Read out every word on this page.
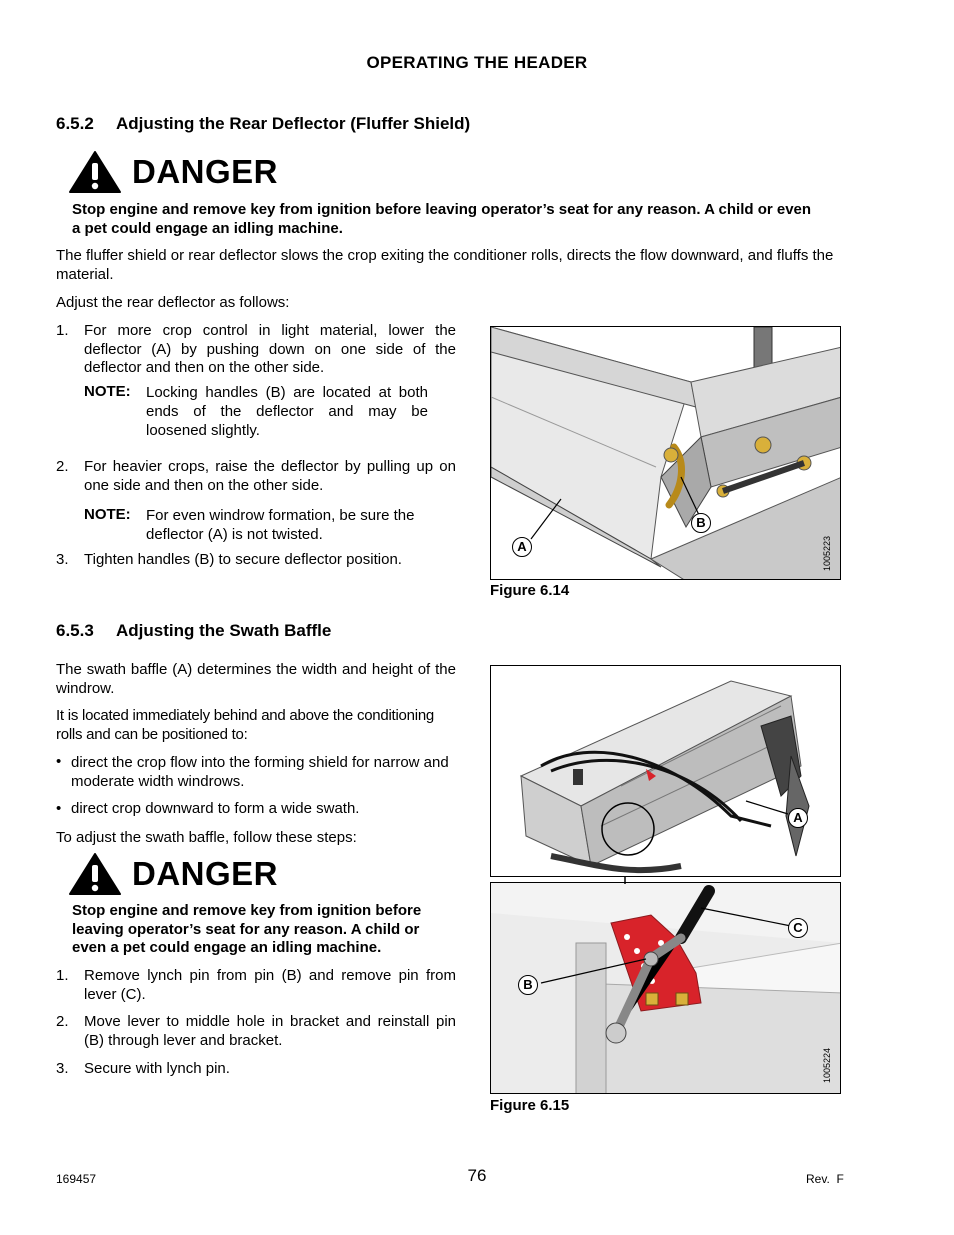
OPERATING THE HEADER
6.5.2 Adjusting the Rear Deflector (Fluffer Shield)
DANGER
Stop engine and remove key from ignition before leaving operator’s seat for any reason. A child or even
a pet could engage an idling machine.

The fluffer shield or rear deflector slows the crop exiting the conditioner rolls, directs the flow downward, and fluffs the material.

Adjust the rear deflector as follows:

1. For more crop control in light material, lower the deflector (A) by pushing down on one side of the deflector and then on the other side.
NOTE: Locking handles (B) are located at both ends of the deflector and may be loosened slightly.
2. For heavier crops, raise the deflector by pulling up on one side and then on the other side.
NOTE: For even windrow formation, be sure the deflector (A) is not twisted.
3. Tighten handles (B) to secure deflector position.
A
B
1005223
Figure 6.14
6.5.3 Adjusting the Swath Baffle

The swath baffle (A) determines the width and height of the windrow.

It is located immediately behind and above the conditioning rolls and can be positioned to:

• direct the crop flow into the forming shield for narrow and moderate width windrows.
• direct crop downward to form a wide swath.

To adjust the swath baffle, follow these steps:

DANGER
Stop engine and remove key from ignition before
leaving operator’s seat for any reason. A child or
even a pet could engage an idling machine.
1. Remove lynch pin from pin (B) and remove pin from lever (C).
2. Move lever to middle hole in bracket and reinstall pin (B) through lever and bracket.
3. Secure with lynch pin.
A
C
B
1005224
Figure 6.15
169457	76	Rev.  F
